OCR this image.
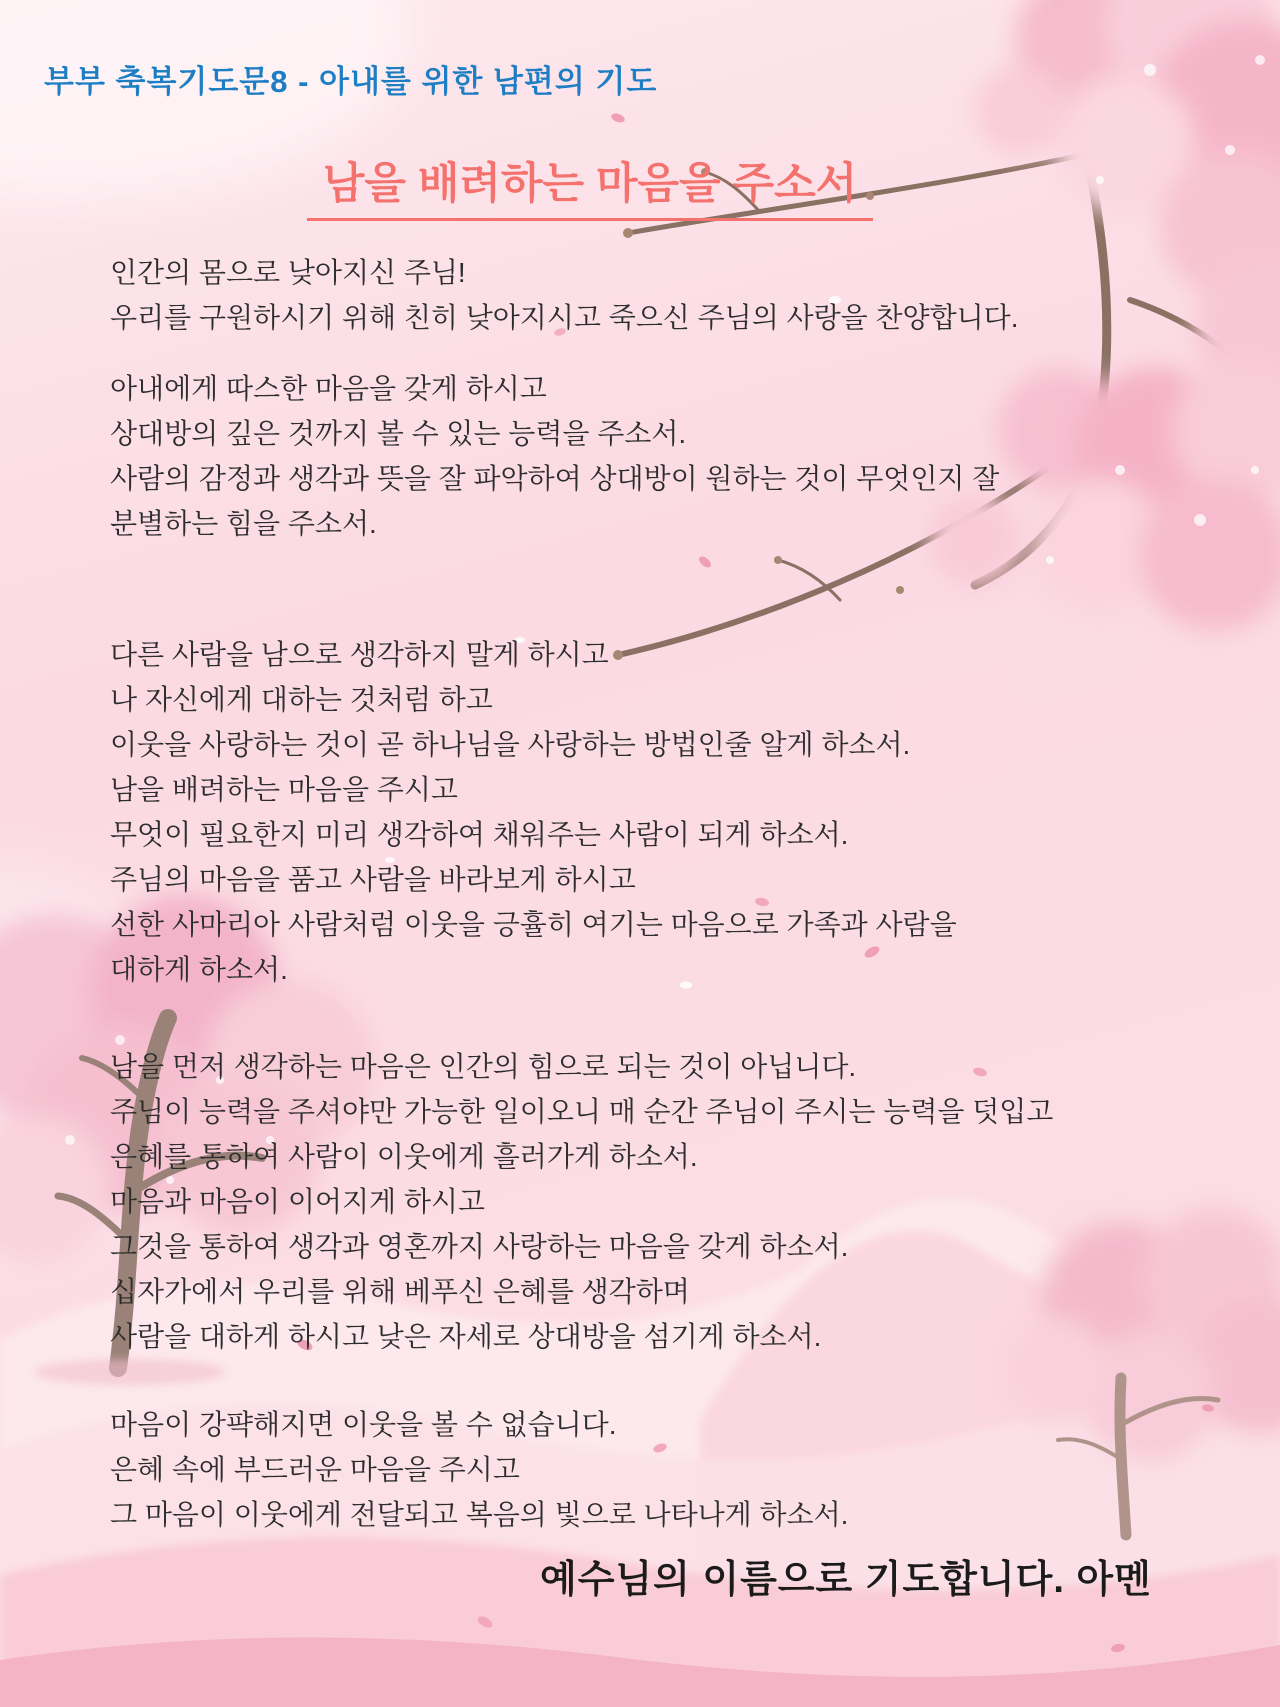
부부 축복기도문8 - 아내를 위한 남편의 기도
남을 배려하는 마음을 주소서
인간의 몸으로 낮아지신 주님!
우리를 구원하시기 위해 친히 낮아지시고 죽으신 주님의 사랑을 찬양합니다.
아내에게 따스한 마음을 갖게 하시고
상대방의 깊은 것까지 볼 수 있는 능력을 주소서.
사람의 감정과 생각과 뜻을 잘 파악하여 상대방이 원하는 것이 무엇인지 잘
분별하는 힘을 주소서.
다른 사람을 남으로 생각하지 말게 하시고
나 자신에게 대하는 것처럼 하고
이웃을 사랑하는 것이 곧 하나님을 사랑하는 방법인줄 알게 하소서.
남을 배려하는 마음을 주시고
무엇이 필요한지 미리 생각하여 채워주는 사람이 되게 하소서.
주님의 마음을 품고 사람을 바라보게 하시고
선한 사마리아 사람처럼 이웃을 긍휼히 여기는 마음으로 가족과 사람을
대하게 하소서.
남을 먼저 생각하는 마음은 인간의 힘으로 되는 것이 아닙니다.
주님이 능력을 주셔야만 가능한 일이오니 매 순간 주님이 주시는 능력을 덧입고
은혜를 통하여 사람이 이웃에게 흘러가게 하소서.
마음과 마음이 이어지게 하시고
그것을 통하여 생각과 영혼까지 사랑하는 마음을 갖게 하소서.
십자가에서 우리를 위해 베푸신 은혜를 생각하며
사람을 대하게 하시고 낮은 자세로 상대방을 섬기게 하소서.
마음이 강퍅해지면 이웃을 볼 수 없습니다.
은혜 속에 부드러운 마음을 주시고
그 마음이 이웃에게 전달되고 복음의 빛으로 나타나게 하소서.
예수님의 이름으로 기도합니다. 아멘
